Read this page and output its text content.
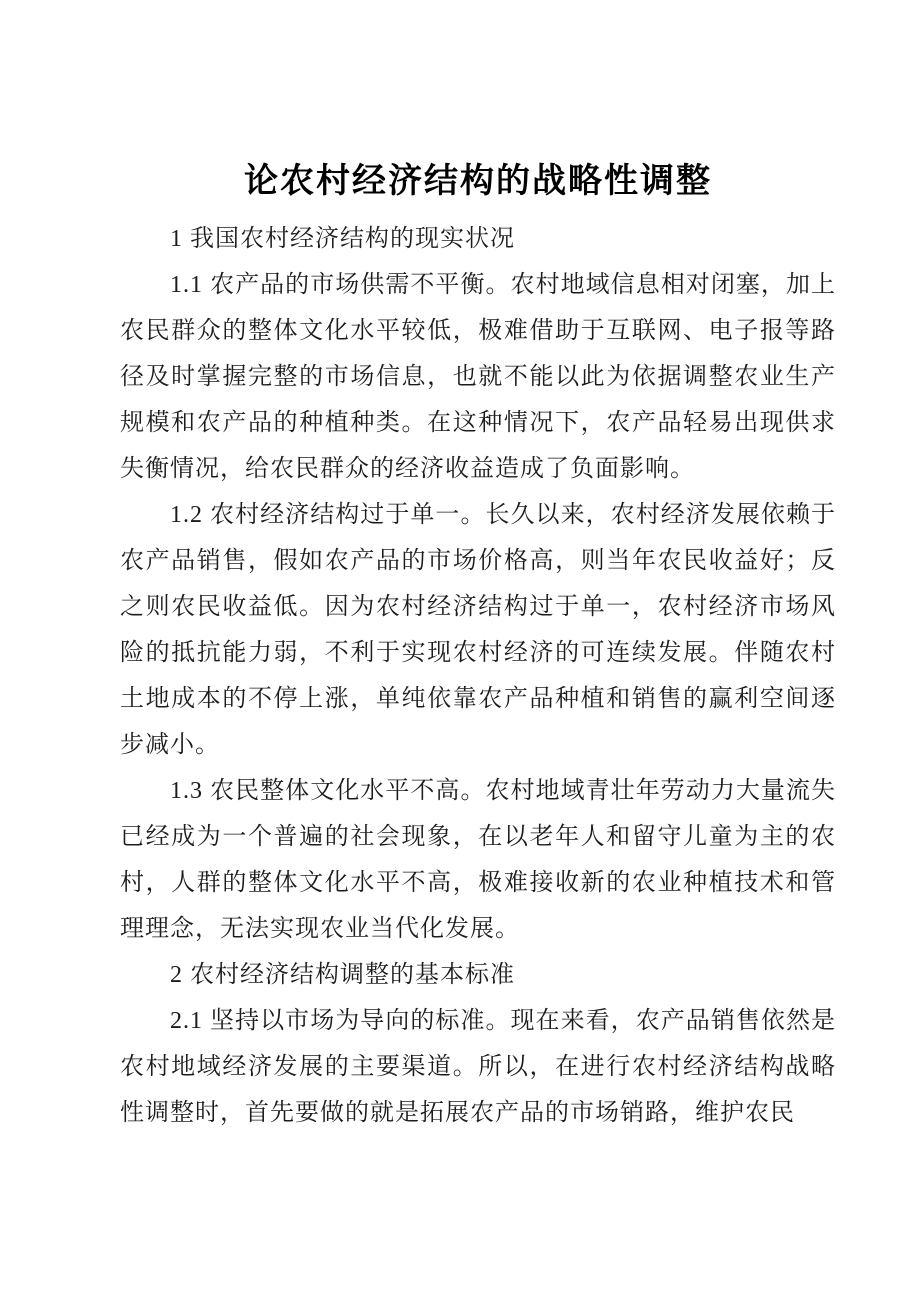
论农村经济结构的战略性调整

1 我国农村经济结构的现实状况

1.1 农产品的市场供需不平衡。农村地域信息相对闭塞，加上农民群众的整体文化水平较低，极难借助于互联网、电子报等路径及时掌握完整的市场信息，也就不能以此为依据调整农业生产规模和农产品的种植种类。在这种情况下，农产品轻易出现供求失衡情况，给农民群众的经济收益造成了负面影响。

1.2 农村经济结构过于单一。长久以来，农村经济发展依赖于农产品销售，假如农产品的市场价格高，则当年农民收益好；反之则农民收益低。因为农村经济结构过于单一，农村经济市场风险的抵抗能力弱，不利于实现农村经济的可连续发展。伴随农村土地成本的不停上涨，单纯依靠农产品种植和销售的赢利空间逐步减小。

1.3 农民整体文化水平不高。农村地域青壮年劳动力大量流失已经成为一个普遍的社会现象，在以老年人和留守儿童为主的农村，人群的整体文化水平不高，极难接收新的农业种植技术和管理理念，无法实现农业当代化发展。

2 农村经济结构调整的基本标准

2.1 坚持以市场为导向的标准。现在来看，农产品销售依然是农村地域经济发展的主要渠道。所以，在进行农村经济结构战略性调整时，首先要做的就是拓展农产品的市场销路，维护农民
